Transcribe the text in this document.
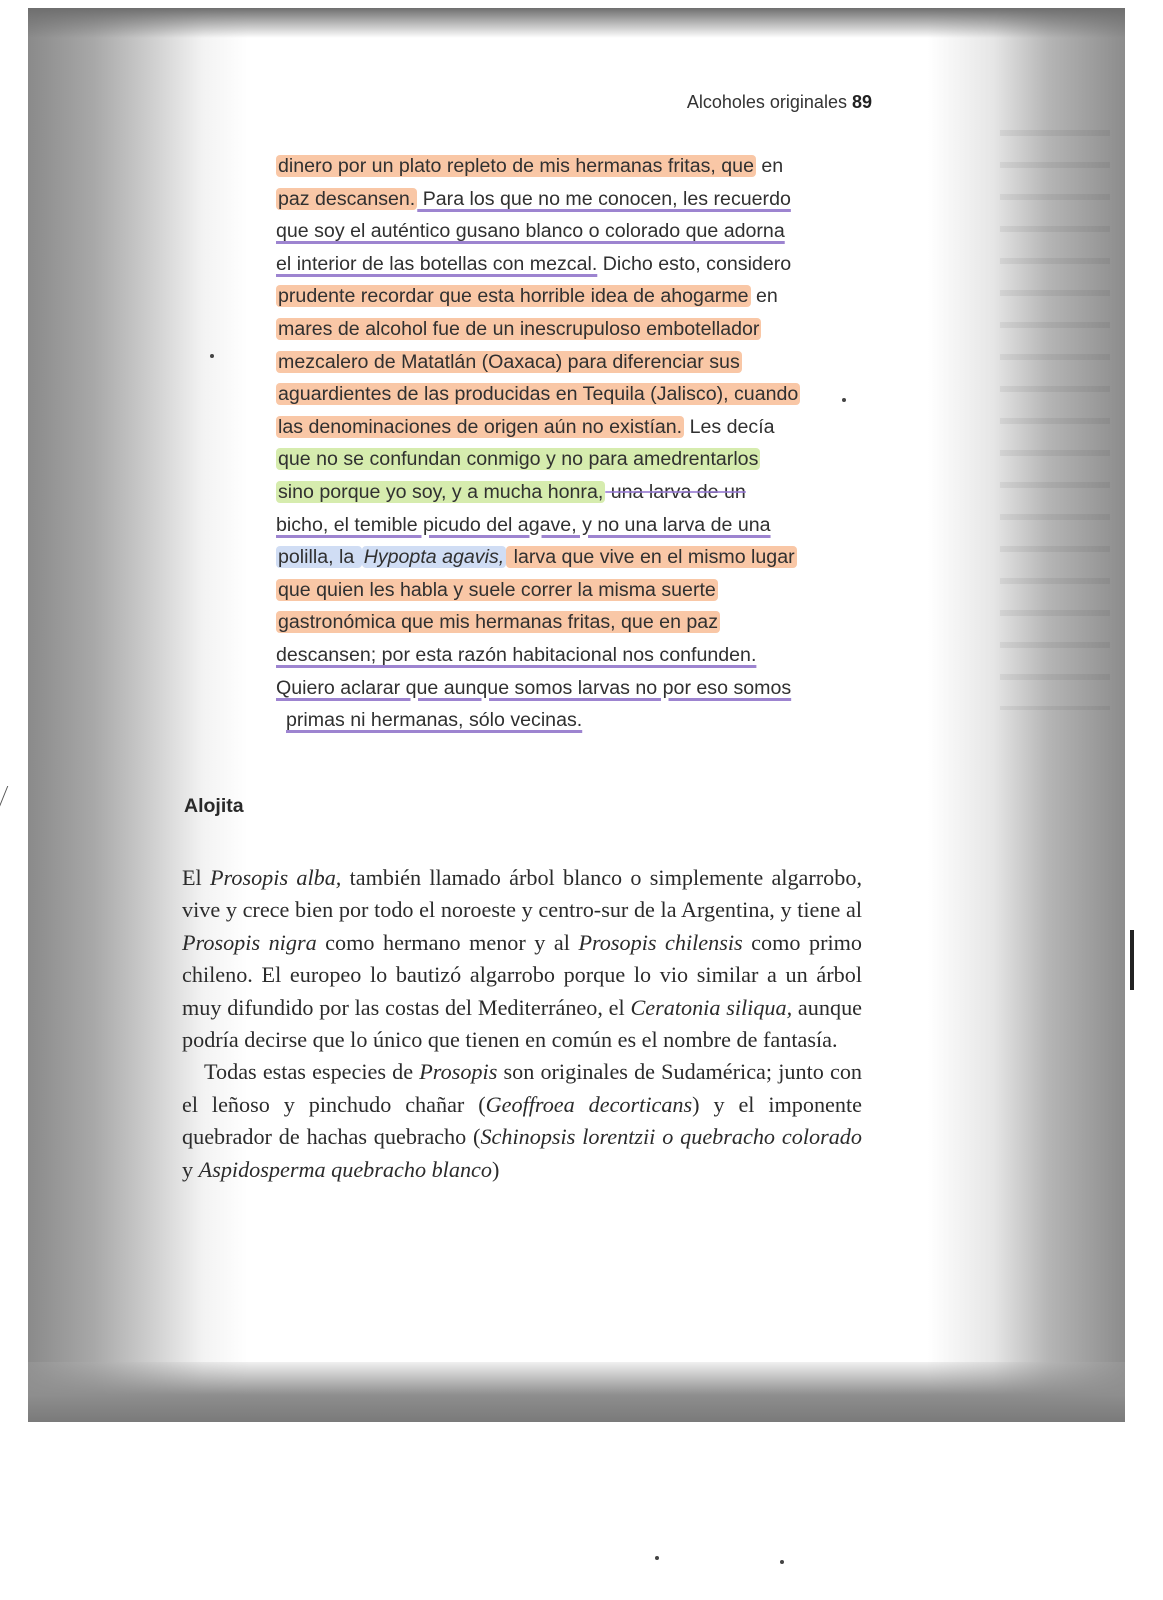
Alcoholes originales 89
dinero por un plato repleto de mis hermanas fritas, que en
paz descansen. Para los que no me conocen, les recuerdo
que soy el auténtico gusano blanco o colorado que adorna
el interior de las botellas con mezcal. Dicho esto, considero
prudente recordar que esta horrible idea de ahogarme en
mares de alcohol fue de un inescrupuloso embotellador
mezcalero de Matatlán (Oaxaca) para diferenciar sus
aguardientes de las producidas en Tequila (Jalisco), cuando
las denominaciones de origen aún no existían. Les decía
que no se confundan conmigo y no para amedrentarlos
sino porque yo soy, y a mucha honra, una larva de un
bicho, el temible picudo del agave, y no una larva de una
polilla, la Hypopta agavis, larva que vive en el mismo lugar
que quien les habla y suele correr la misma suerte
gastronómica que mis hermanas fritas, que en paz
descansen; por esta razón habitacional nos confunden.
Quiero aclarar que aunque somos larvas no por eso somos
primas ni hermanas, sólo vecinas.
Alojita

El Prosopis alba, también llamado árbol blanco o simplemente algarrobo, vive y crece bien por todo el noroeste y centro-sur de la Argentina, y tiene al Prosopis nigra como hermano menor y al Prosopis chilensis como primo chileno. El europeo lo bautizó algarrobo porque lo vio similar a un árbol muy difundido por las costas del Mediterráneo, el Ceratonia siliqua, aunque podría decirse que lo único que tienen en común es el nombre de fantasía.

Todas estas especies de Prosopis son originales de Sudamérica; junto con el leñoso y pinchudo chañar (Geoffroea decorticans) y el imponente quebrador de hachas quebracho (Schinopsis lorentzii o quebracho colorado y Aspidosperma quebracho blanco)
